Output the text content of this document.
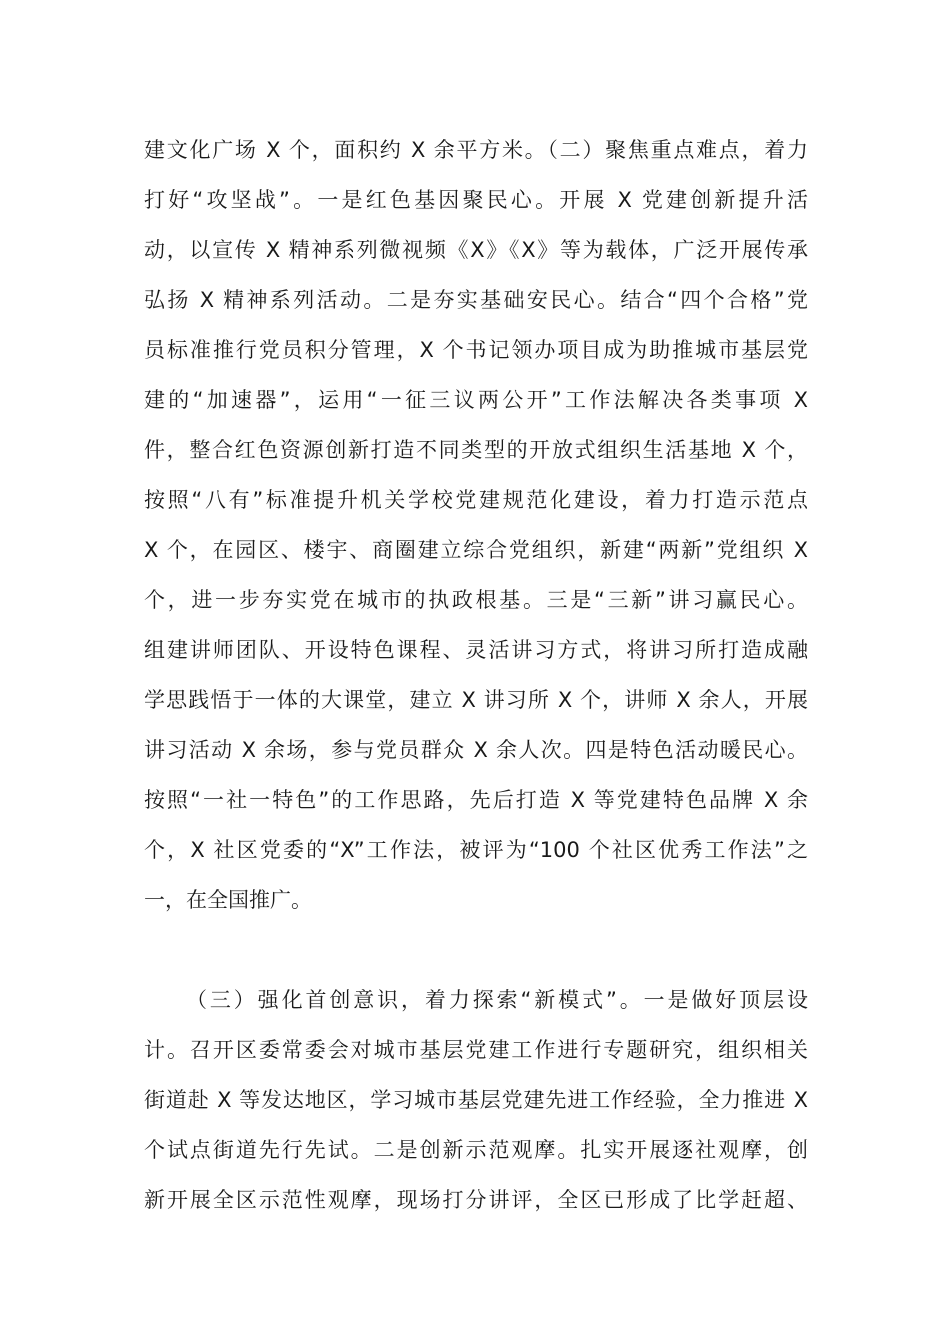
建文化广场 X 个，面积约 X 余平方米。（二）聚焦重点难点，着力
打好“攻坚战”。一是红色基因聚民心。开展 X 党建创新提升活
动，以宣传 X 精神系列微视频《X》《X》等为载体，广泛开展传承
弘扬 X 精神系列活动。二是夯实基础安民心。结合“四个合格”党
员标准推行党员积分管理，X 个书记领办项目成为助推城市基层党
建的“加速器”，运用“一征三议两公开”工作法解决各类事项 X
件，整合红色资源创新打造不同类型的开放式组织生活基地 X 个，
按照“八有”标准提升机关学校党建规范化建设，着力打造示范点
X 个，在园区、楼宇、商圈建立综合党组织，新建“两新”党组织 X
个，进一步夯实党在城市的执政根基。三是“三新”讲习赢民心。
组建讲师团队、开设特色课程、灵活讲习方式，将讲习所打造成融
学思践悟于一体的大课堂，建立 X 讲习所 X 个，讲师 X 余人，开展
讲习活动 X 余场，参与党员群众 X 余人次。四是特色活动暖民心。
按照“一社一特色”的工作思路，先后打造 X 等党建特色品牌 X 余
个，X 社区党委的“X”工作法，被评为“100 个社区优秀工作法”之
一，在全国推广。
（三）强化首创意识，着力探索“新模式”。一是做好顶层设
计。召开区委常委会对城市基层党建工作进行专题研究，组织相关
街道赴 X 等发达地区，学习城市基层党建先进工作经验，全力推进 X
个试点街道先行先试。二是创新示范观摩。扎实开展逐社观摩，创
新开展全区示范性观摩，现场打分讲评，全区已形成了比学赶超、
